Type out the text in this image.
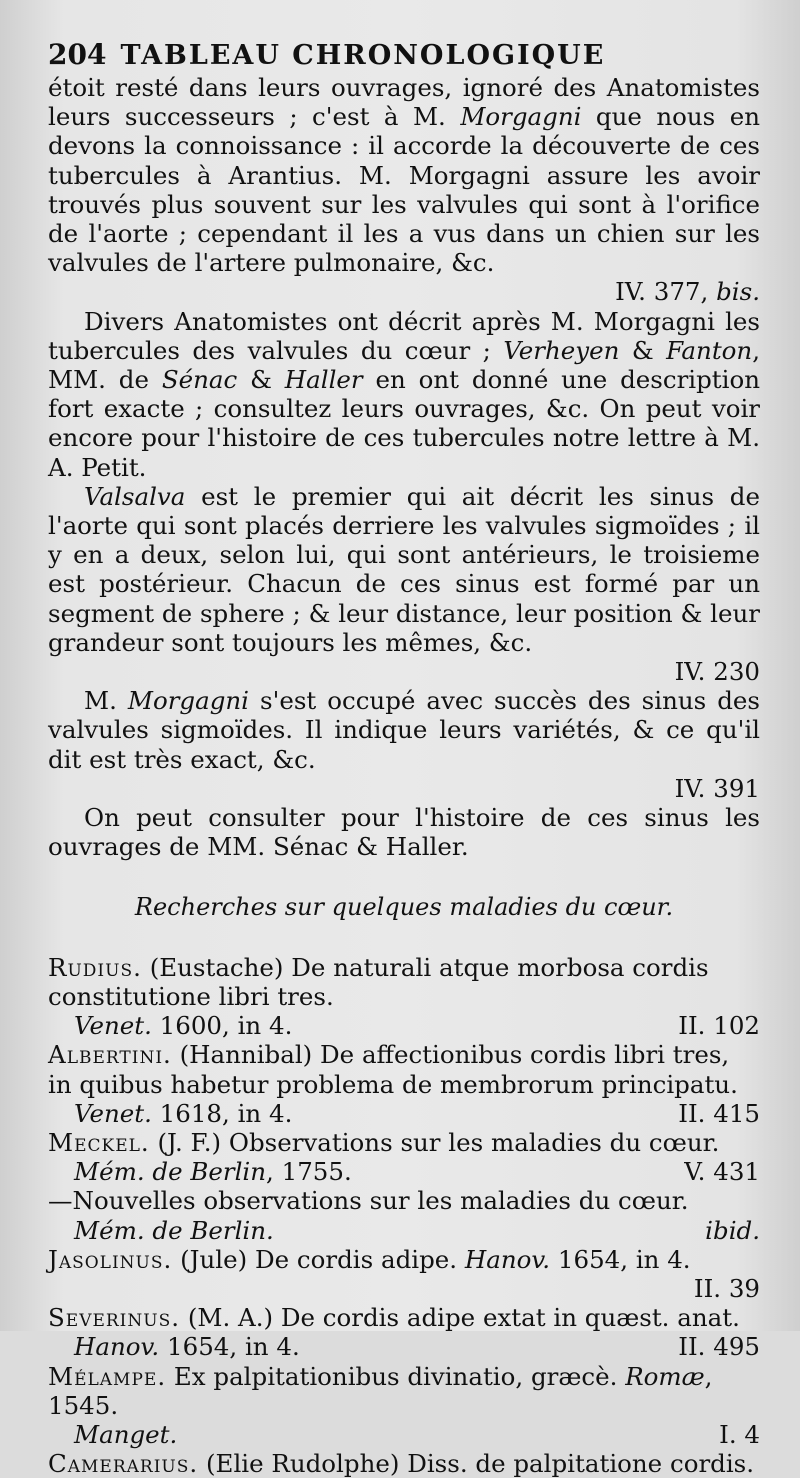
204 TABLEAU CHRONOLOGIQUE

étoit resté dans leurs ouvrages, ignoré des Anatomistes leurs successeurs ; c'est à M. Morgagni que nous en devons la connoissance : il accorde la découverte de ces tubercules à Arantius. M. Morgagni assure les avoir trouvés plus souvent sur les valvules qui sont à l'orifice de l'aorte ; cependant il les a vus dans un chien sur les valvules de l'artere pulmonaire, &c.

IV. 377, bis.

Divers Anatomistes ont décrit après M. Morgagni les tubercules des valvules du cœur ; Verheyen & Fanton, MM. de Sénac & Haller en ont donné une description fort exacte ; consultez leurs ouvrages, &c. On peut voir encore pour l'histoire de ces tubercules notre lettre à M. A. Petit.

Valsalva est le premier qui ait décrit les sinus de l'aorte qui sont placés derriere les valvules sigmoïdes ; il y en a deux, selon lui, qui sont antérieurs, le troisieme est postérieur. Chacun de ces sinus est formé par un segment de sphere ; & leur distance, leur position & leur grandeur sont toujours les mêmes, &c.

IV. 230

M. Morgagni s'est occupé avec succès des sinus des valvules sigmoïdes. Il indique leurs variétés, & ce qu'il dit est très exact, &c.

IV. 391

On peut consulter pour l'histoire de ces sinus les ouvrages de MM. Sénac & Haller.

Recherches sur quelques maladies du cœur.
Rudius. (Eustache) De naturali atque morbosa cordis constitutione libri tres.
Venet. 1600, in 4.	II. 102
Albertini. (Hannibal) De affectionibus cordis libri tres, in quibus habetur problema de membrorum principatu.
Venet. 1618, in 4.	II. 415
Meckel. (J. F.) Observations sur les maladies du cœur.
Mém. de Berlin, 1755.	V. 431
—Nouvelles observations sur les maladies du cœur.
Mém. de Berlin.	ibid.
Jasolinus. (Jule) De cordis adipe. Hanov. 1654, in 4.
II. 39
Severinus. (M. A.) De cordis adipe extat in quæst. anat.
Hanov. 1654, in 4.	II. 495
Mélampe. Ex palpitationibus divinatio, græcè. Romæ, 1545.
Manget.	I. 4
Camerarius. (Elie Rudolphe) Diss. de palpitatione cordis.
